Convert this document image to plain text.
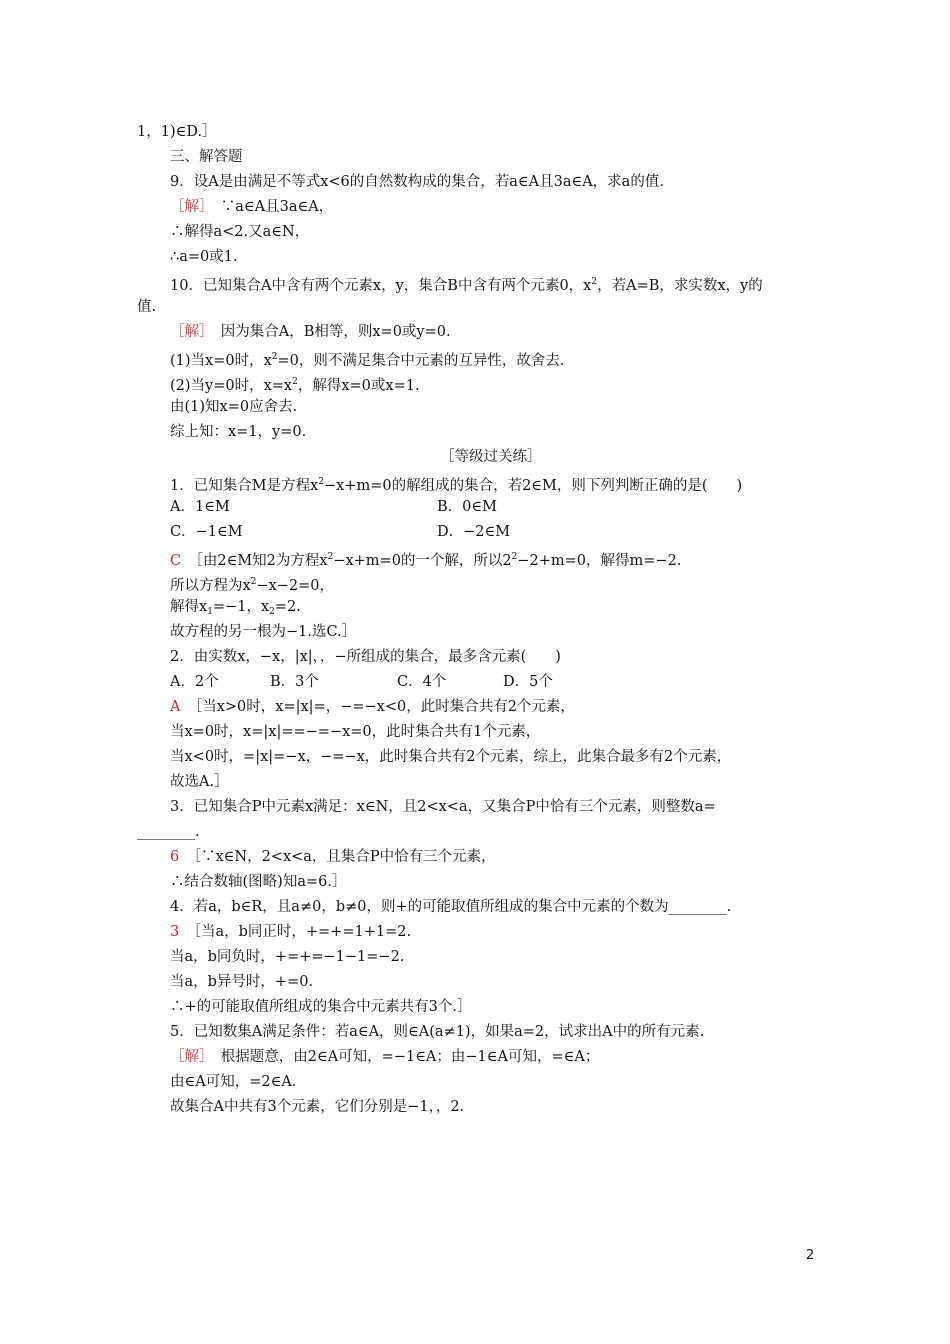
1，1)∈D.］
三、解答题
9．设A是由满足不等式x<6的自然数构成的集合，若a∈A且3a∈A，求a的值.
［解］　 ∵a∈A且3a∈A，
∴解得a<2.又a∈N，
∴a=0或1.
10．已知集合A中含有两个元素x，y，集合B中含有两个元素0，$x^2$，若A=B，求实数x，y的
值.
［解］　 因为集合A，B相等，则x=0或y=0.
(1)当x=0时，$x^2=0$，则不满足集合中元素的互异性，故舍去.
(2)当y=0时，$x=x^2$，解得x=0或x=1.
由(1)知x=0应舍去.
综上知：x=1，y=0.
［等级过关练］
1．已知集合M是方程$x^2-x+m=0$的解组成的集合，若2∈M，则下列判断正确的是(　　)
A．1∈M	B．0∈M
C．−1∈M	D．−2∈M
C　 ［由2∈M知2为方程$x^2-x+m=0$的一个解，所以$2^2-2+m=0$，解得m=−2.
所以方程为$x^2-x-2=0$，
解得$x_1=-1$，$x_2=2$.
故方程的另一根为−1.选C.］
2．由实数x，−x，|x|，，−所组成的集合，最多含元素(　　)
A．2个	B．3个	C．4个	D．5个
A　 ［当x>0时，x=|x|=，−=−x<0，此时集合共有2个元素，
当x=0时，x=|x|==−=−x=0，此时集合共有1个元素，
当x<0时，=|x|=−x，−=−x，此时集合共有2个元素，综上，此集合最多有2个元素，
故选A.］
3．已知集合P中元素x满足：x∈N，且2<x<a，又集合P中恰有三个元素，则整数a=
________.
6　 ［∵x∈N，2<x<a，且集合P中恰有三个元素，
∴结合数轴(图略)知a=6.］
4．若a，b∈R，且a≠0，b≠0，则+的可能取值所组成的集合中元素的个数为________.
3　 ［当a，b同正时，+=+=1+1=2.
当a，b同负时，+=+=−1−1=−2.
当a，b异号时，+=0.
∴+的可能取值所组成的集合中元素共有3个.］
5．已知数集A满足条件：若a∈A，则∈A(a≠1)，如果a=2，试求出A中的所有元素.
［解］　 根据题意，由2∈A可知，=−1∈A；由−1∈A可知，=∈A；
由∈A可知，=2∈A.
故集合A中共有3个元素，它们分别是−1，，2.
2
